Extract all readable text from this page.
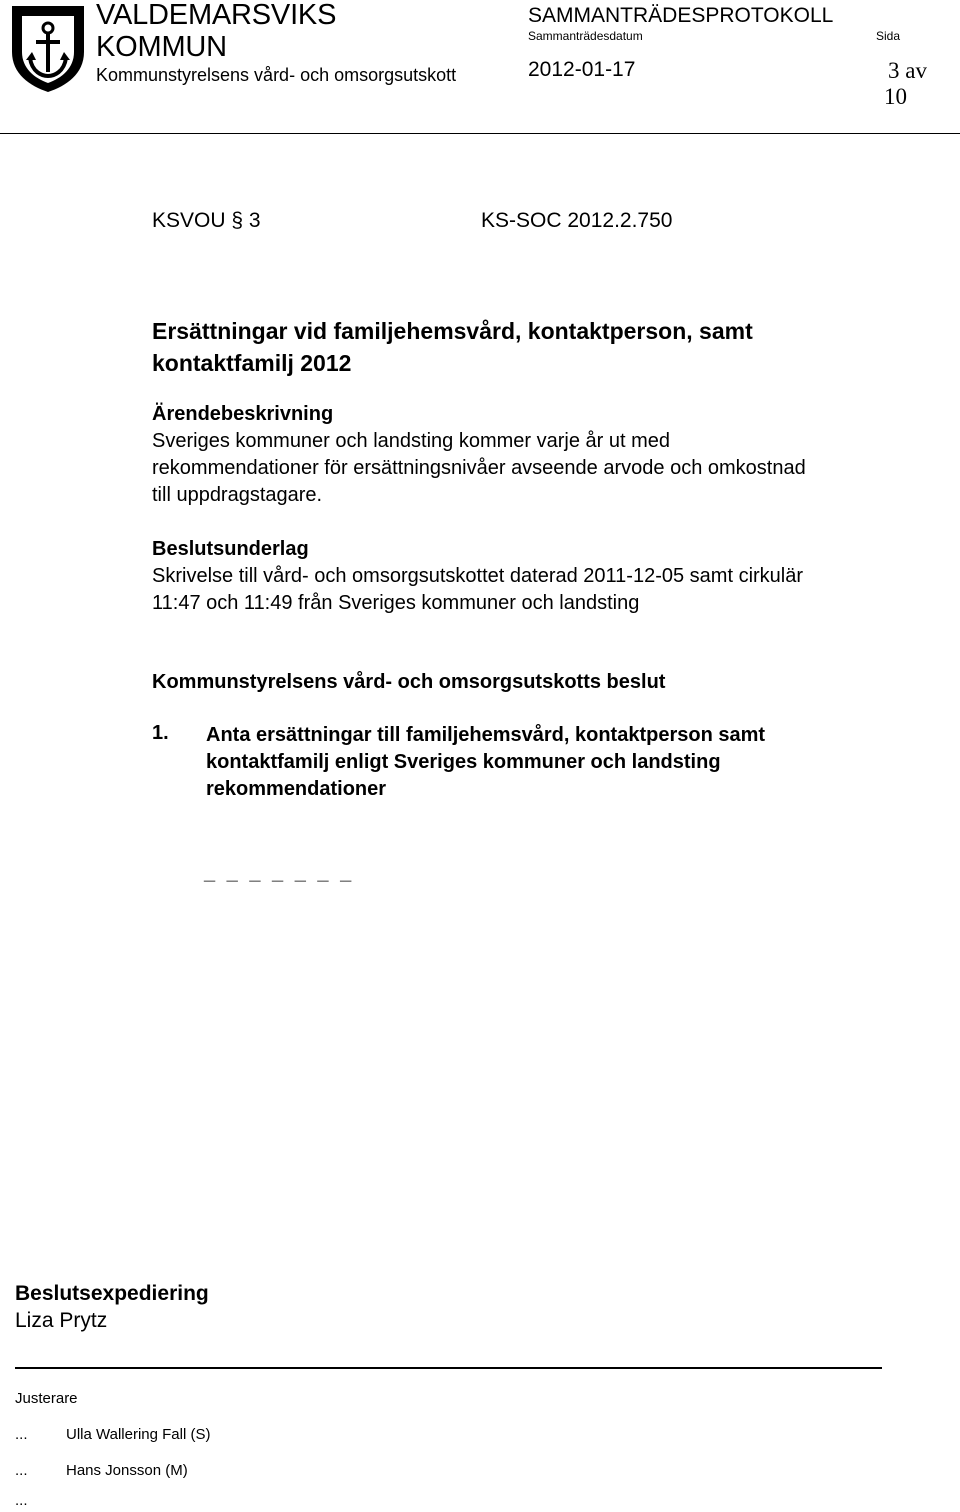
VALDEMARSVIKS
KOMMUN
Kommunstyrelsens vård- och omsorgsutskott
SAMMANTRÄDESPROTOKOLL
Sammanträdesdatum	Sida
2012-01-17	3 av
10
KSVOU § 3	KS-SOC 2012.2.750
Ersättningar vid familjehemsvård, kontaktperson, samt kontaktfamilj 2012
Ärendebeskrivning
Sveriges kommuner och landsting kommer varje år ut med rekommendationer för ersättningsnivåer avseende arvode och omkostnad till uppdragstagare.
Beslutsunderlag
Skrivelse till vård- och omsorgsutskottet daterad 2011-12-05 samt cirkulär 11:47 och 11:49 från Sveriges kommuner och landsting
Kommunstyrelsens vård- och omsorgsutskotts beslut
1. Anta ersättningar till familjehemsvård, kontaktperson samt kontaktfamilj enligt Sveriges kommuner och landsting rekommendationer
_ _ _ _ _ _ _
Beslutsexpediering
Liza Prytz
Justerare
...	Ulla Wallering Fall (S)
...	Hans Jonsson (M)
...
